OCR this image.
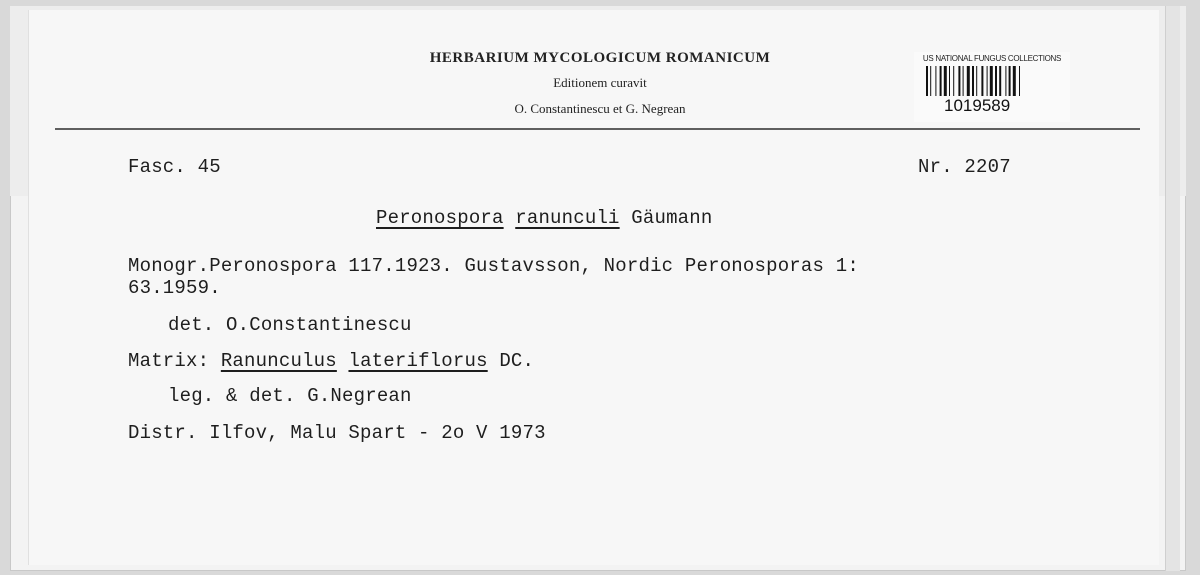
HERBARIUM MYCOLOGICUM ROMANICUM
Editionem curavit
O. Constantinescu et G. Negrean
US NATIONAL FUNGUS COLLECTIONS
1019589
Fasc. 45	Nr. 2207
Peronospora ranunculi Gäumann
Monogr.Peronospora 117.1923. Gustavsson, Nordic Peronosporas 1:
63.1959.
det. O.Constantinescu
Matrix: Ranunculus lateriflorus DC.
leg. & det. G.Negrean
Distr. Ilfov, Malu Spart - 2o V 1973
